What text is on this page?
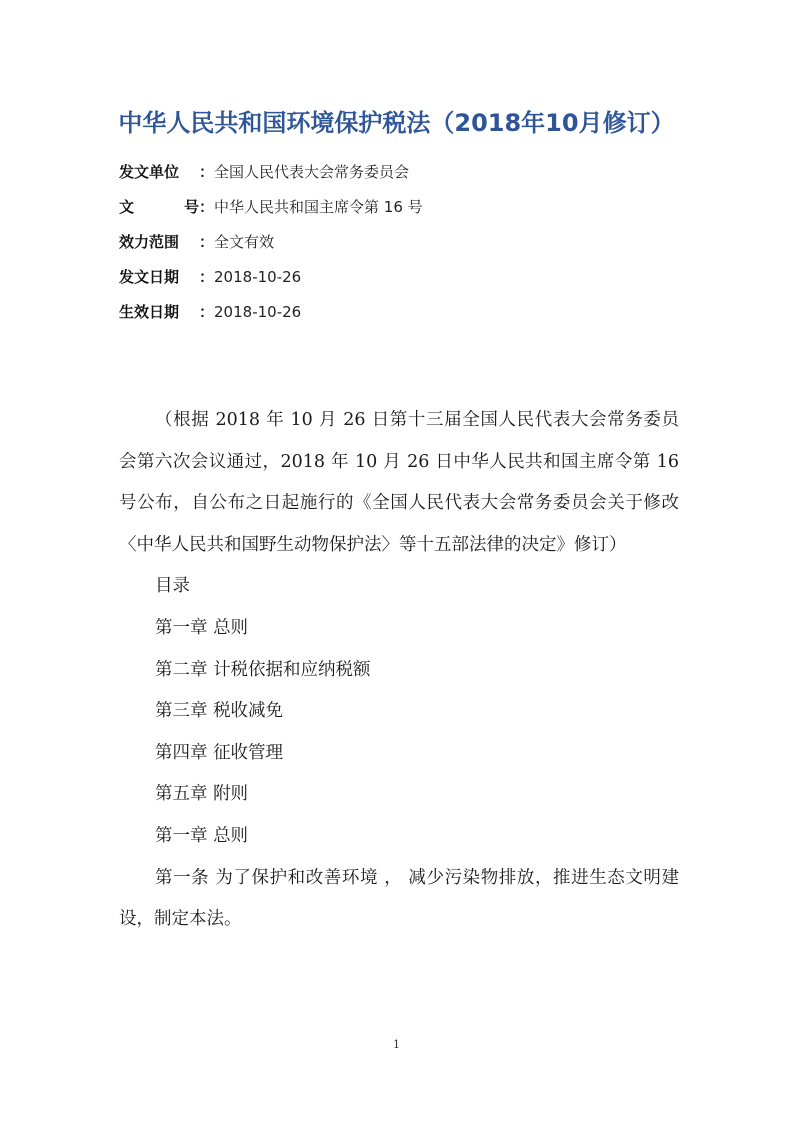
中华人民共和国环境保护税法（2018年10月修订）
发文单位 ：全国人民代表大会常务委员会
文号：中华人民共和国主席令第 16 号
效力范围 ：全文有效
发文日期 ：2018-10-26
生效日期 ：2018-10-26

（根据 2018 年 10 月 26 日第十三届全国人民代表大会常务委员会第六次会议通过，2018 年 10 月 26 日中华人民共和国主席令第 16 号公布，自公布之日起施行的《全国人民代表大会常务委员会关于修改〈中华人民共和国野生动物保护法〉等十五部法律的决定》修订）

目录

第一章 总则

第二章 计税依据和应纳税额

第三章 税收减免

第四章 征收管理

第五章 附则

第一章 总则

第一条 为了保护和改善环境 ， 减少污染物排放，推进生态文明建设，制定本法。

1
